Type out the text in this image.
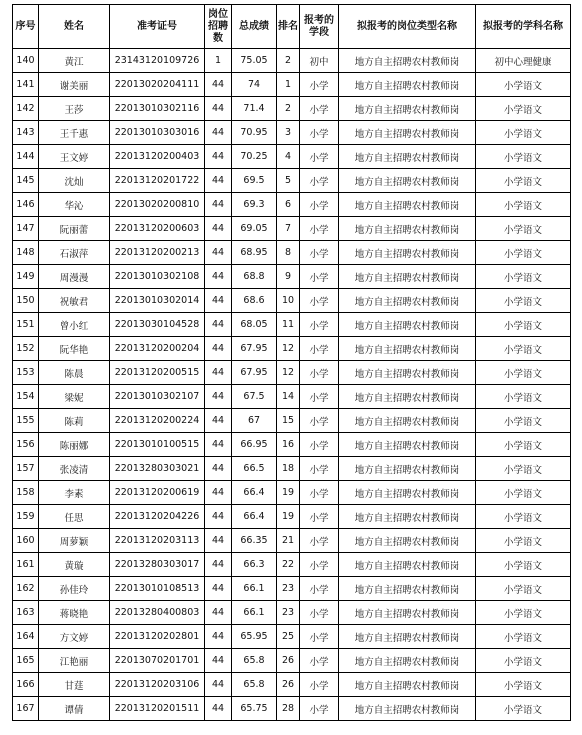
序号	姓名	准考证号	岗位招聘数	总成绩	排名	报考的学段	拟报考的岗位类型名称	拟报考的学科名称
140	黄江	23143120109726	1	75.05	2	初中	地方自主招聘农村教师岗	初中心理健康
141	谢美丽	22013020204111	44	74	1	小学	地方自主招聘农村教师岗	小学语文
142	王莎	22013010302116	44	71.4	2	小学	地方自主招聘农村教师岗	小学语文
143	王千惠	22013010303016	44	70.95	3	小学	地方自主招聘农村教师岗	小学语文
144	王文婷	22013120200403	44	70.25	4	小学	地方自主招聘农村教师岗	小学语文
145	沈灿	22013120201722	44	69.5	5	小学	地方自主招聘农村教师岗	小学语文
146	华沁	22013020200810	44	69.3	6	小学	地方自主招聘农村教师岗	小学语文
147	阮丽蕾	22013120200603	44	69.05	7	小学	地方自主招聘农村教师岗	小学语文
148	石淑萍	22013120200213	44	68.95	8	小学	地方自主招聘农村教师岗	小学语文
149	周漫漫	22013010302108	44	68.8	9	小学	地方自主招聘农村教师岗	小学语文
150	祝敏君	22013010302014	44	68.6	10	小学	地方自主招聘农村教师岗	小学语文
151	曾小红	22013030104528	44	68.05	11	小学	地方自主招聘农村教师岗	小学语文
152	阮华艳	22013120200204	44	67.95	12	小学	地方自主招聘农村教师岗	小学语文
153	陈晨	22013120200515	44	67.95	12	小学	地方自主招聘农村教师岗	小学语文
154	梁妮	22013010302107	44	67.5	14	小学	地方自主招聘农村教师岗	小学语文
155	陈莉	22013120200224	44	67	15	小学	地方自主招聘农村教师岗	小学语文
156	陈丽娜	22013010100515	44	66.95	16	小学	地方自主招聘农村教师岗	小学语文
157	张凌清	22013280303021	44	66.5	18	小学	地方自主招聘农村教师岗	小学语文
158	李素	22013120200619	44	66.4	19	小学	地方自主招聘农村教师岗	小学语文
159	任思	22013120204226	44	66.4	19	小学	地方自主招聘农村教师岗	小学语文
160	周萝颖	22013120203113	44	66.35	21	小学	地方自主招聘农村教师岗	小学语文
161	黄璇	22013280303017	44	66.3	22	小学	地方自主招聘农村教师岗	小学语文
162	孙佳玲	22013010108513	44	66.1	23	小学	地方自主招聘农村教师岗	小学语文
163	蒋晓艳	22013280400803	44	66.1	23	小学	地方自主招聘农村教师岗	小学语文
164	方文婷	22013120202801	44	65.95	25	小学	地方自主招聘农村教师岗	小学语文
165	江艳丽	22013070201701	44	65.8	26	小学	地方自主招聘农村教师岗	小学语文
166	甘莛	22013120203106	44	65.8	26	小学	地方自主招聘农村教师岗	小学语文
167	谭倩	22013120201511	44	65.75	28	小学	地方自主招聘农村教师岗	小学语文
